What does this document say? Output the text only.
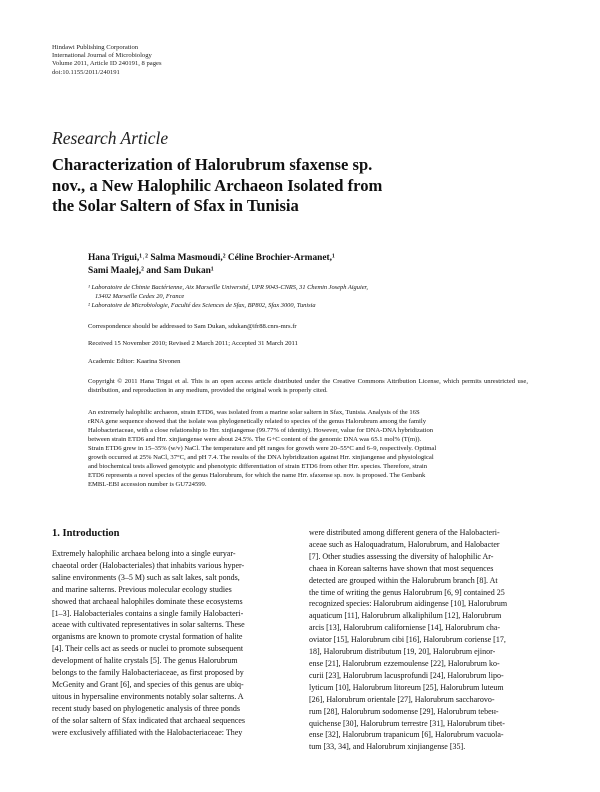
Hindawi Publishing Corporation
International Journal of Microbiology
Volume 2011, Article ID 240191, 8 pages
doi:10.1155/2011/240191
Research Article
Characterization of Halorubrum sfaxense sp.
nov., a New Halophilic Archaeon Isolated from
the Solar Saltern of Sfax in Tunisia
Hana Trigui,¹˒² Salma Masmoudi,² Céline Brochier-Armanet,¹
Sami Maalej,² and Sam Dukan¹
¹ Laboratoire de Chimie Bactérienne, Aix Marseille Université, UPR 9043-CNRS, 31 Chemin Joseph Aiguier,
13402 Marseille Cedex 20, France
² Laboratoire de Microbiologie, Faculté des Sciences de Sfax, BP802, Sfax 3000, Tunisia
Correspondence should be addressed to Sam Dukan, sdukan@ifr88.cnrs-mrs.fr
Received 15 November 2010; Revised 2 March 2011; Accepted 31 March 2011
Academic Editor: Kaarina Sivonen
Copyright © 2011 Hana Trigui et al. This is an open access article distributed under the Creative Commons Attribution License, which permits unrestricted use, distribution, and reproduction in any medium, provided the original work is properly cited.
An extremely halophilic archaeon, strain ETD6, was isolated from a marine solar saltern in Sfax, Tunisia. Analysis of the 16S
rRNA gene sequence showed that the isolate was phylogenetically related to species of the genus Halorubrum among the family
Halobacteriaceae, with a close relationship to Hrr. xinjiangense (99.77% of identity). However, value for DNA-DNA hybridization
between strain ETD6 and Hrr. xinjiangense were about 24.5%. The G+C content of the genomic DNA was 65.1 mol% (T(m)).
Strain ETD6 grew in 15–35% (w/v) NaCl. The temperature and pH ranges for growth were 20–55°C and 6–9, respectively. Optimal
growth occurred at 25% NaCl, 37°C, and pH 7.4. The results of the DNA hybridization against Hrr. xinjiangense and physiological
and biochemical tests allowed genotypic and phenotypic differentiation of strain ETD6 from other Hrr. species. Therefore, strain
ETD6 represents a novel species of the genus Halorubrum, for which the name Hrr. sfaxense sp. nov. is proposed. The Genbank
EMBL-EBI accession number is GU724599.
1. Introduction
Extremely halophilic archaea belong into a single euryar-
chaeotal order (Halobacteriales) that inhabits various hyper-
saline environments (3–5 M) such as salt lakes, salt ponds,
and marine salterns. Previous molecular ecology studies
showed that archaeal halophiles dominate these ecosystems
[1–3]. Halobacteriales contains a single family Halobacteri-
aceae with cultivated representatives in solar salterns. These
organisms are known to promote crystal formation of halite
[4]. Their cells act as seeds or nuclei to promote subsequent
development of halite crystals [5]. The genus Halorubrum
belongs to the family Halobacteriaceae, as first proposed by
McGenity and Grant [6], and species of this genus are ubiq-
uitous in hypersaline environments notably solar salterns. A
recent study based on phylogenetic analysis of three ponds
of the solar saltern of Sfax indicated that archaeal sequences
were exclusively affiliated with the Halobacteriaceae: They
were distributed among different genera of the Halobacteri-
aceae such as Haloquadratum, Halorubrum, and Halobacter
[7]. Other studies assessing the diversity of halophilic Ar-
chaea in Korean salterns have shown that most sequences
detected are grouped within the Halorubrum branch [8]. At
the time of writing the genus Halorubrum [6, 9] contained 25
recognized species: Halorubrum aidingense [10], Halorubrum
aquaticum [11], Halorubrum alkaliphilum [12], Halorubrum
arcis [13], Halorubrum californiense [14], Halorubrum cha-
oviator [15], Halorubrum cibi [16], Halorubrum coriense [17,
18], Halorubrum distributum [19, 20], Halorubrum ejinor-
ense [21], Halorubrum ezzemoulense [22], Halorubrum ko-
curii [23], Halorubrum lacusprofundi [24], Halorubrum lipo-
lyticum [10], Halorubrum litoreum [25], Halorubrum luteum
[26], Halorubrum orientale [27], Halorubrum saccharovo-
rum [28], Halorubrum sodomense [29], Halorubrum tebeн-
quichense [30], Halorubrum terrestre [31], Halorubrum tibet-
ense [32], Halorubrum trapanicum [6], Halorubrum vacuola-
tum [33, 34], and Halorubrum xinjiangense [35].
